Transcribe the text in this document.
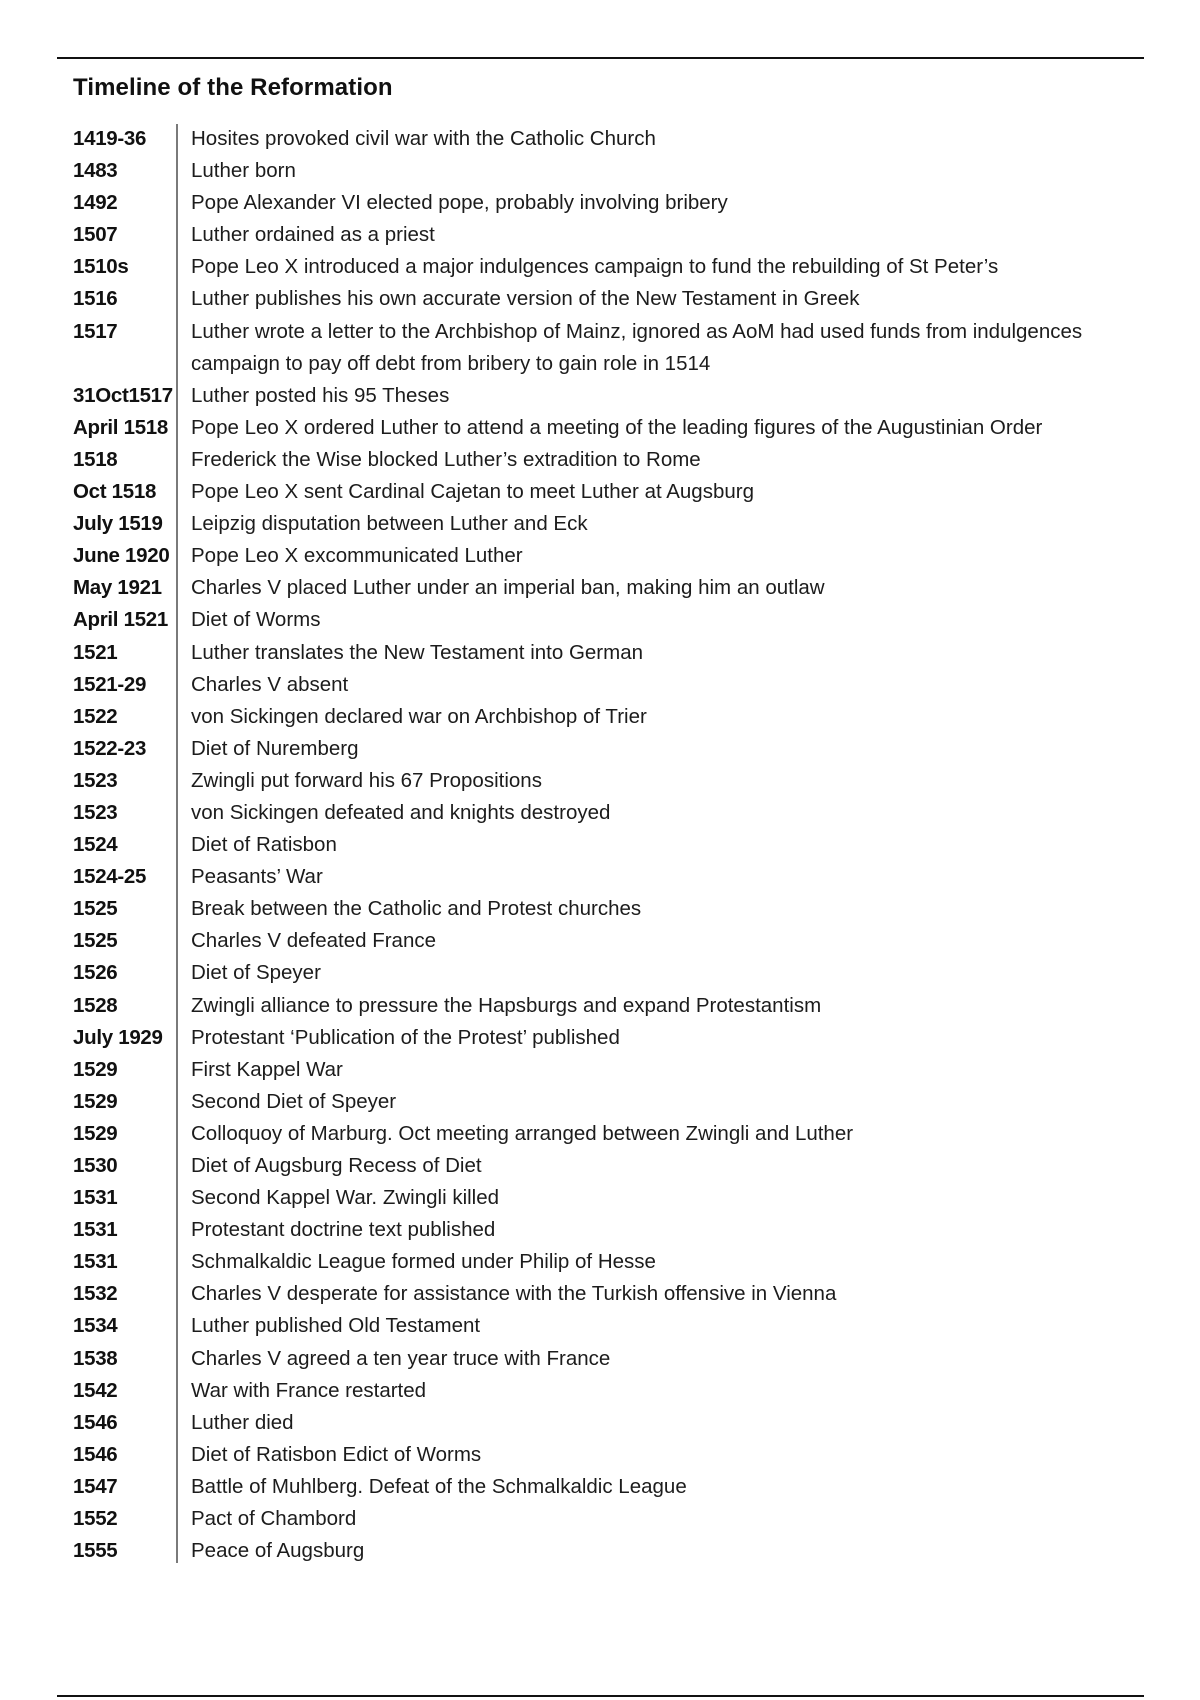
Timeline of the Reformation
1419-36	Hosites provoked civil war with the Catholic Church
1483	Luther born
1492	Pope Alexander VI elected pope, probably involving bribery
1507	Luther ordained as a priest
1510s	Pope Leo X introduced a major indulgences campaign to fund the rebuilding of St Peter’s
1516	Luther publishes his own accurate version of the New Testament in Greek
1517	Luther wrote a letter to the Archbishop of Mainz, ignored as AoM had used funds from indulgences campaign to pay off debt from bribery to gain role in 1514
31Oct1517 Luther posted his 95 Theses
April 1518	Pope Leo X ordered Luther to attend a meeting of the leading figures of the Augustinian Order
1518	Frederick the Wise blocked Luther’s extradition to Rome
Oct 1518	Pope Leo X sent Cardinal Cajetan to meet Luther at Augsburg
July 1519	Leipzig disputation between Luther and Eck
June 1920	Pope Leo X excommunicated Luther
May 1921	Charles V placed Luther under an imperial ban, making him an outlaw
April 1521	Diet of Worms
1521	Luther translates the New Testament into German
1521-29	Charles V absent
1522	von Sickingen declared war on Archbishop of Trier
1522-23	Diet of Nuremberg
1523	Zwingli put forward his 67 Propositions
1523	von Sickingen defeated and knights destroyed
1524	Diet of Ratisbon
1524-25	Peasants’ War
1525	Break between the Catholic and Protest churches
1525	Charles V defeated France
1526	Diet of Speyer
1528	Zwingli alliance to pressure the Hapsburgs and expand Protestantism
July 1929	Protestant ‘Publication of the Protest’ published
1529	First Kappel War
1529	Second Diet of Speyer
1529	Colloquoy of Marburg. Oct meeting arranged between Zwingli and Luther
1530	Diet of Augsburg Recess of Diet
1531	Second Kappel War. Zwingli killed
1531	Protestant doctrine text published
1531	Schmalkaldic League formed under Philip of Hesse
1532	Charles V desperate for assistance with the Turkish offensive in Vienna
1534	Luther published Old Testament
1538	Charles V agreed a ten year truce with France
1542	War with France restarted
1546	Luther died
1546	Diet of Ratisbon Edict of Worms
1547	Battle of Muhlberg. Defeat of the Schmalkaldic League
1552	Pact of Chambord
1555	Peace of Augsburg
